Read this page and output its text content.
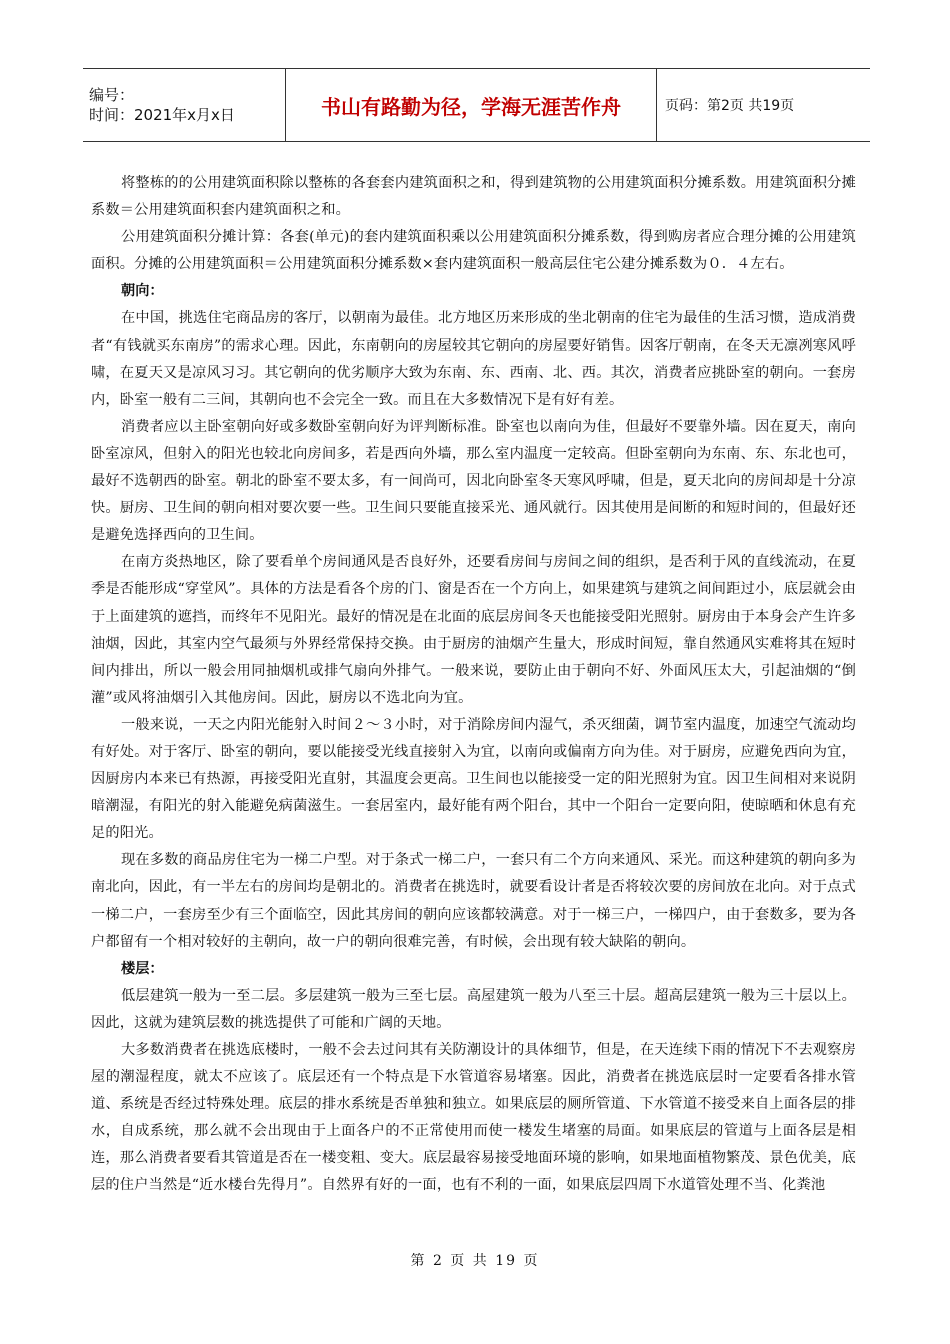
编号：
时间：2021年x月x日	书山有路勤为径，学海无涯苦作舟	页码：第2页 共19页

将整栋的的公用建筑面积除以整栋的各套套内建筑面积之和，得到建筑物的公用建筑面积分摊系数。用建筑面积分摊系数＝公用建筑面积套内建筑面积之和。

公用建筑面积分摊计算：各套(单元)的套内建筑面积乘以公用建筑面积分摊系数，得到购房者应合理分摊的公用建筑面积。分摊的公用建筑面积＝公用建筑面积分摊系数×套内建筑面积一般高层住宅公建分摊系数为０．４左右。

朝向：

在中国，挑选住宅商品房的客厅，以朝南为最佳。北方地区历来形成的坐北朝南的住宅为最佳的生活习惯，造成消费者“有钱就买东南房”的需求心理。因此，东南朝向的房屋较其它朝向的房屋要好销售。因客厅朝南，在冬天无凛冽寒风呼啸，在夏天又是凉风习习。其它朝向的优劣顺序大致为东南、东、西南、北、西。其次，消费者应挑卧室的朝向。一套房内，卧室一般有二三间，其朝向也不会完全一致。而且在大多数情况下是有好有差。

消费者应以主卧室朝向好或多数卧室朝向好为评判断标准。卧室也以南向为佳，但最好不要靠外墙。因在夏天，南向卧室凉风，但射入的阳光也较北向房间多，若是西向外墙，那么室内温度一定较高。但卧室朝向为东南、东、东北也可，最好不选朝西的卧室。朝北的卧室不要太多，有一间尚可，因北向卧室冬天寒风呼啸，但是，夏天北向的房间却是十分凉快。厨房、卫生间的朝向相对要次要一些。卫生间只要能直接采光、通风就行。因其使用是间断的和短时间的，但最好还是避免选择西向的卫生间。

在南方炎热地区，除了要看单个房间通风是否良好外，还要看房间与房间之间的组织，是否利于风的直线流动，在夏季是否能形成“穿堂风”。具体的方法是看各个房的门、窗是否在一个方向上，如果建筑与建筑之间间距过小，底层就会由于上面建筑的遮挡，而终年不见阳光。最好的情况是在北面的底层房间冬天也能接受阳光照射。厨房由于本身会产生许多油烟，因此，其室内空气最须与外界经常保持交换。由于厨房的油烟产生量大，形成时间短，靠自然通风实难将其在短时间内排出，所以一般会用同抽烟机或排气扇向外排气。一般来说，要防止由于朝向不好、外面风压太大，引起油烟的“倒灌”或风将油烟引入其他房间。因此，厨房以不选北向为宜。

一般来说，一天之内阳光能射入时间２～３小时，对于消除房间内湿气，杀灭细菌，调节室内温度，加速空气流动均有好处。对于客厅、卧室的朝向，要以能接受光线直接射入为宜，以南向或偏南方向为佳。对于厨房，应避免西向为宜，因厨房内本来已有热源，再接受阳光直射，其温度会更高。卫生间也以能接受一定的阳光照射为宜。因卫生间相对来说阴暗潮湿，有阳光的射入能避免病菌滋生。一套居室内，最好能有两个阳台，其中一个阳台一定要向阳，使晾晒和休息有充足的阳光。

现在多数的商品房住宅为一梯二户型。对于条式一梯二户，一套只有二个方向来通风、采光。而这种建筑的朝向多为南北向，因此，有一半左右的房间均是朝北的。消费者在挑选时，就要看设计者是否将较次要的房间放在北向。对于点式一梯二户，一套房至少有三个面临空，因此其房间的朝向应该都较满意。对于一梯三户，一梯四户，由于套数多，要为各户都留有一个相对较好的主朝向，故一户的朝向很难完善，有时候，会出现有较大缺陷的朝向。

楼层：

低层建筑一般为一至二层。多层建筑一般为三至七层。高屋建筑一般为八至三十层。超高层建筑一般为三十层以上。因此，这就为建筑层数的挑选提供了可能和广阔的天地。

大多数消费者在挑选底楼时，一般不会去过问其有关防潮设计的具体细节，但是，在天连续下雨的情况下不去观察房屋的潮湿程度，就太不应该了。底层还有一个特点是下水管道容易堵塞。因此，消费者在挑选底层时一定要看各排水管道、系统是否经过特殊处理。底层的排水系统是否单独和独立。如果底层的厕所管道、下水管道不接受来自上面各层的排水，自成系统，那么就不会出现由于上面各户的不正常使用而使一楼发生堵塞的局面。如果底层的管道与上面各层是相连，那么消费者要看其管道是否在一楼变粗、变大。底层最容易接受地面环境的影响，如果地面植物繁茂、景色优美，底层的住户当然是“近水楼台先得月”。自然界有好的一面，也有不利的一面，如果底层四周下水道管处理不当、化粪池

第 2 页 共 19 页
